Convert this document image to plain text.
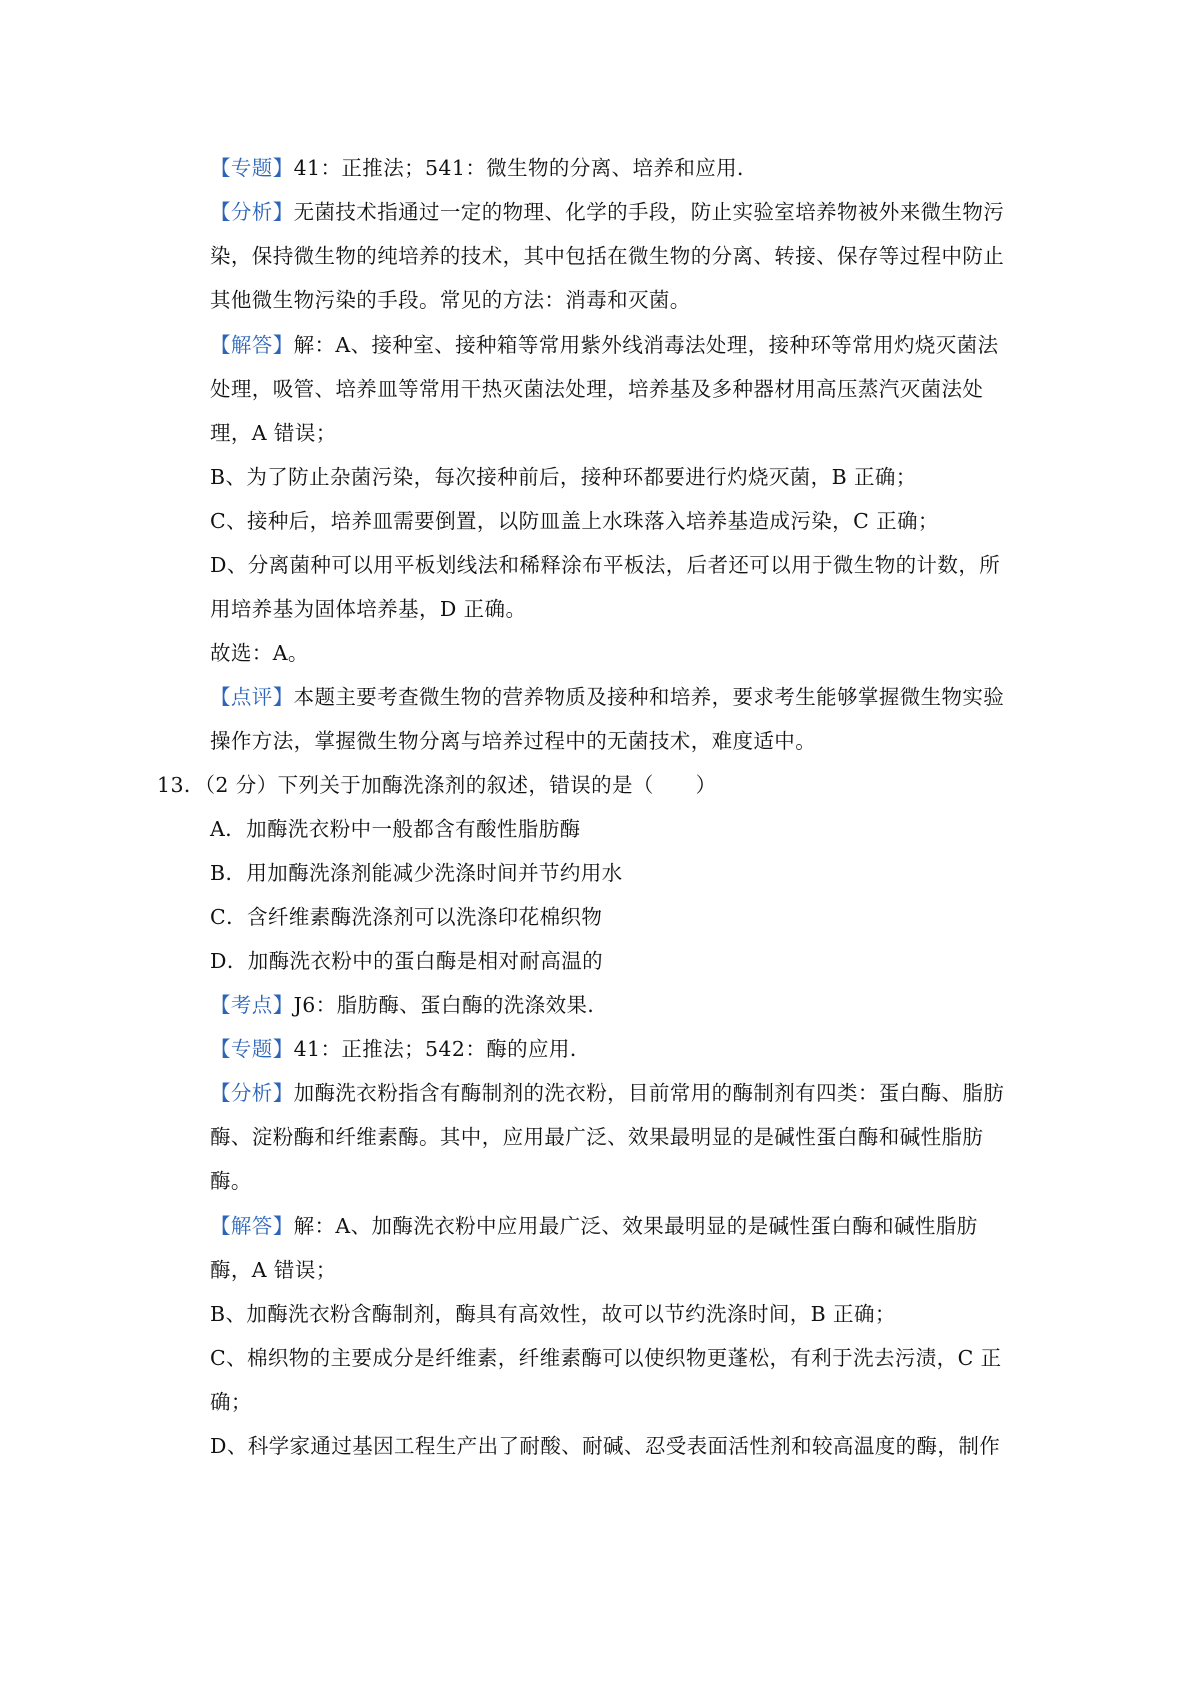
【专题】41：正推法；541：微生物的分离、培养和应用．
【分析】无菌技术指通过一定的物理、化学的手段，防止实验室培养物被外来微生物污
染，保持微生物的纯培养的技术，其中包括在微生物的分离、转接、保存等过程中防止
其他微生物污染的手段。常见的方法：消毒和灭菌。
【解答】解：A、接种室、接种箱等常用紫外线消毒法处理，接种环等常用灼烧灭菌法
处理，吸管、培养皿等常用干热灭菌法处理，培养基及多种器材用高压蒸汽灭菌法处
理，A 错误；
B、为了防止杂菌污染，每次接种前后，接种环都要进行灼烧灭菌，B 正确；
C、接种后，培养皿需要倒置，以防皿盖上水珠落入培养基造成污染，C 正确；
D、分离菌种可以用平板划线法和稀释涂布平板法，后者还可以用于微生物的计数，所
用培养基为固体培养基，D 正确。
故选：A。
【点评】本题主要考查微生物的营养物质及接种和培养，要求考生能够掌握微生物实验
操作方法，掌握微生物分离与培养过程中的无菌技术，难度适中。
13．（2 分）下列关于加酶洗涤剂的叙述，错误的是（　　）
A．加酶洗衣粉中一般都含有酸性脂肪酶
B．用加酶洗涤剂能减少洗涤时间并节约用水
C．含纤维素酶洗涤剂可以洗涤印花棉织物
D．加酶洗衣粉中的蛋白酶是相对耐高温的
【考点】J6：脂肪酶、蛋白酶的洗涤效果．
【专题】41：正推法；542：酶的应用．
【分析】加酶洗衣粉指含有酶制剂的洗衣粉，目前常用的酶制剂有四类：蛋白酶、脂肪
酶、淀粉酶和纤维素酶。其中，应用最广泛、效果最明显的是碱性蛋白酶和碱性脂肪
酶。
【解答】解：A、加酶洗衣粉中应用最广泛、效果最明显的是碱性蛋白酶和碱性脂肪
酶，A 错误；
B、加酶洗衣粉含酶制剂，酶具有高效性，故可以节约洗涤时间，B 正确；
C、棉织物的主要成分是纤维素，纤维素酶可以使织物更蓬松，有利于洗去污渍，C 正
确；
D、科学家通过基因工程生产出了耐酸、耐碱、忍受表面活性剂和较高温度的酶，制作
